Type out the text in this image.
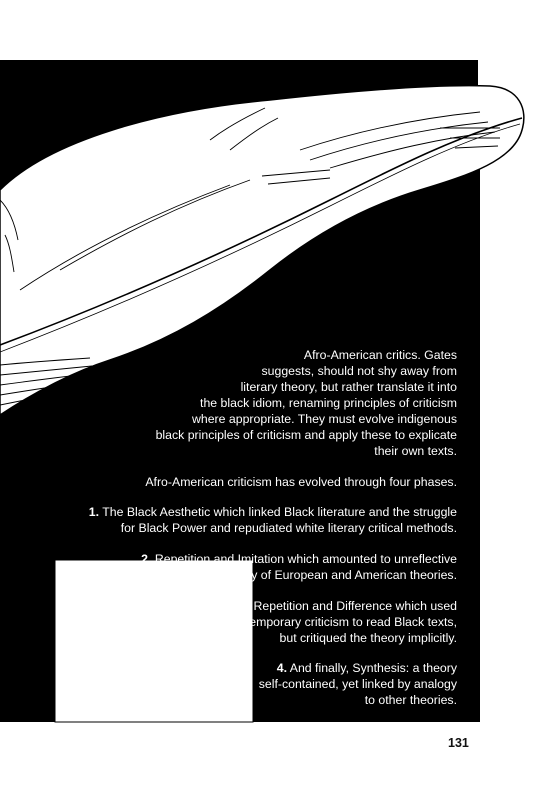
Afro-American critics. Gates
suggests, should not shy away from
literary theory, but rather translate it into
the black idiom, renaming principles of criticism
where appropriate. They must evolve indigenous
black principles of criticism and apply these to explicate
their own texts.
Afro-American criticism has evolved through four phases.
1. The Black Aesthetic which linked Black literature and the struggle
for Black Power and repudiated white literary critical methods.
2. Repetition and Imitation which amounted to unreflective
mimicry of European and American theories.
3. Repetition and Difference which used
contemporary criticism to read Black texts,
but critiqued the theory implicitly.
4. And finally, Synthesis: a theory
self-contained, yet linked by analogy
to other theories.
131
